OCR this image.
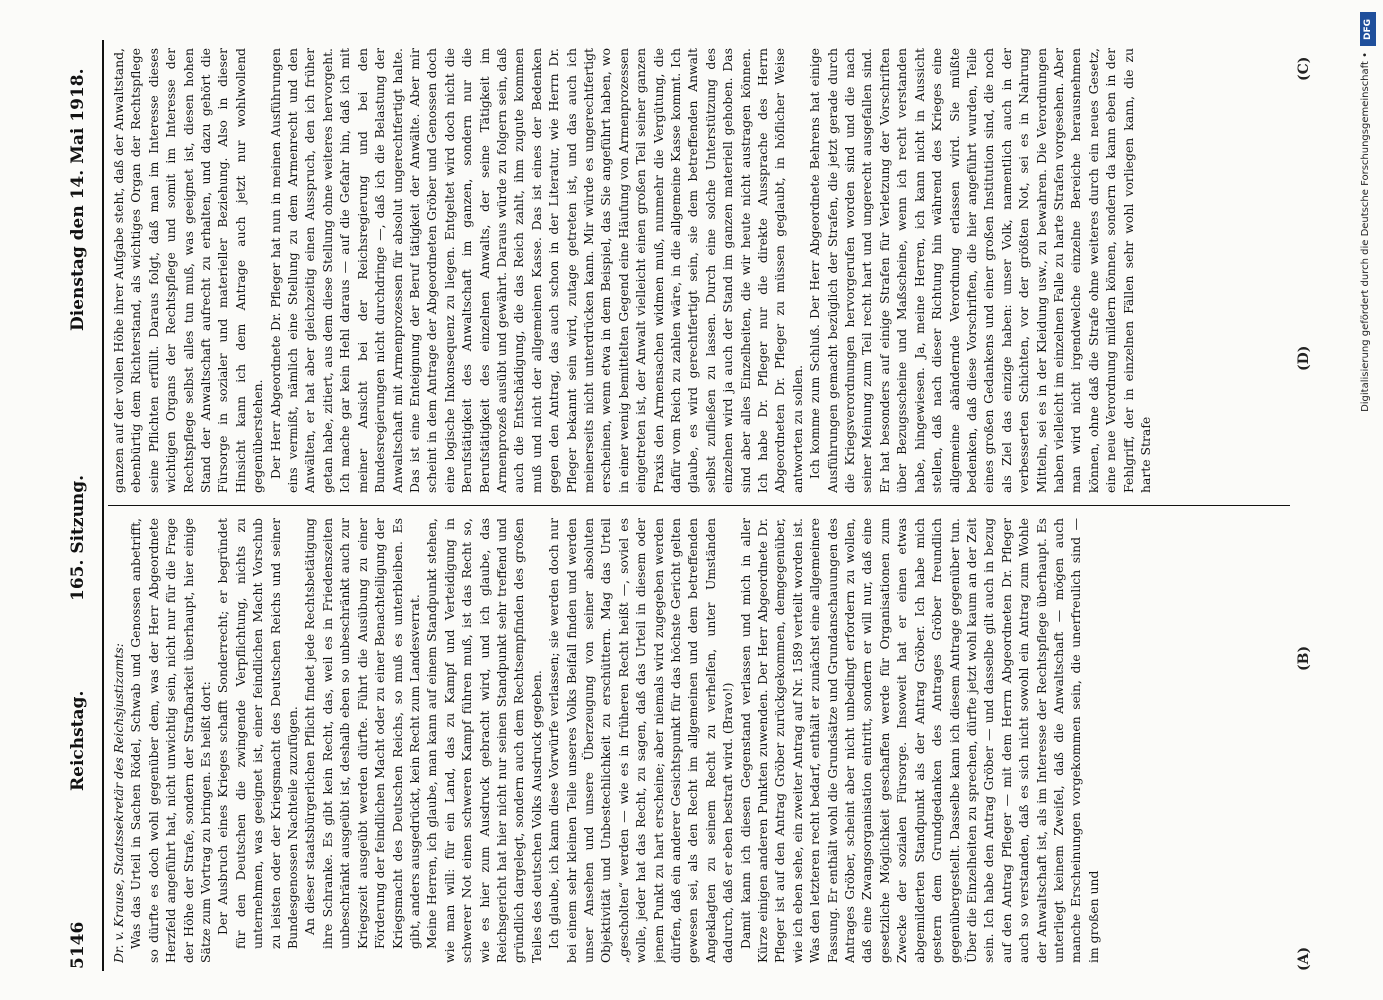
5146
Reichstag.
165. Sitzung.
Dienstag den 14. Mai 1918.

Dr. v. Krause, Staatssekretär des Reichsjustizamts: Was das Urteil in Sachen Rödel, Schwab und Genossen anbetrifft, so dürfte es doch wohl gegenüber dem, was der Herr Abgeordnete Herzfeld angeführt hat, nicht unwichtig sein, nicht nur für die Frage der Höhe der Strafe, sondern der Strafbarkeit überhaupt, hier einige Sätze zum Vortrag zu bringen. Es heißt dort: Der Ausbruch eines Krieges schafft Sonderrecht; er begründet für den Deutschen die zwingende Verpflichtung, nichts zu unternehmen, was geeignet ist, einer feindlichen Macht Vorschub zu leisten oder der Kriegsmacht des Deutschen Reichs und seiner Bundesgenossen Nachteile zuzufügen. An dieser staatsbürgerlichen Pflicht findet jede Rechtsbetätigung ihre Schranke. Es gibt kein Recht, das, weil es in Friedenszeiten unbeschränkt ausgeübt ist, deshalb eben so unbeschränkt auch zur Kriegszeit ausgeübt werden dürfte. Führt die Ausübung zu einer Förderung der feindlichen Macht oder zu einer Benachteiligung der Kriegsmacht des Deutschen Reichs, so muß es unterbleiben. Es gibt, anders ausgedrückt, kein Recht zum Landesverrat. Meine Herren, ich glaube, man kann auf einem Standpunkt stehen, wie man will: für ein Land, das zu Kampf und Verteidigung in schwerer Not einen schweren Kampf führen muß, ist das Recht so, wie es hier zum Ausdruck gebracht wird, und ich glaube, das Reichsgericht hat hier nicht nur seinen Standpunkt sehr treffend und gründlich dargelegt, sondern auch dem Rechtsempfinden des großen Teiles des deutschen Volks Ausdruck gegeben. Ich glaube, ich kann diese Vorwürfe verlassen; sie werden doch nur bei einem sehr kleinen Teile unseres Volks Beifall finden und werden unser Ansehen und unsere Überzeugung von seiner absoluten Objektivität und Unbestechlichkeit zu erschüttern. Mag das Urteil „gescholten“ werden — wie es in früheren Recht heißt —, soviel es wolle, jeder hat das Recht, zu sagen, daß das Urteil in diesem oder jenem Punkt zu hart erscheine; aber niemals wird zugegeben werden dürfen, daß ein anderer Gesichtspunkt für das höchste Gericht gelten gewesen sei, als den Recht im allgemeinen und dem betreffenden Angeklagten zu seinem Recht zu verhelfen, unter Umständen dadurch, daß er eben bestraft wird. (Bravo!) Damit kann ich diesen Gegenstand verlassen und mich in aller Kürze einigen anderen Punkten zuwenden. Der Herr Abgeordnete Dr. Pfleger ist auf den Antrag Gröber zurückgekommen, demgegenüber, wie ich eben sehe, ein zweiter Antrag auf Nr. 1589 verteilt worden ist. Was den letzteren recht bedarf, enthält er zunächst eine allgemeinere Fassung. Er enthält wohl die Grundsätze und Grundanschauungen des Antrages Gröber, scheint aber nicht unbedingt erfordern zu wollen, daß eine Zwangsorganisation eintritt, sondern er will nur, daß eine gesetzliche Möglichkeit geschaffen werde für Organisationen zum Zwecke der sozialen Fürsorge. Insoweit hat er einen etwas abgemilderten Standpunkt als der Antrag Gröber. Ich habe mich gestern dem Grundgedanken des Antrages Gröber freundlich gegenübergestellt. Dasselbe kann ich diesem Antrage gegenüber tun. Über die Einzelheiten zu sprechen, dürfte jetzt wohl kaum an der Zeit sein. Ich habe den Antrag Gröber — und dasselbe gilt auch in bezug auf den Antrag Pfleger — mit dem Herrn Abgeordneten Dr. Pfleger auch so verstanden, daß es sich nicht sowohl ein Antrag zum Wohle der Anwaltschaft ist, als im Interesse der Rechtspflege überhaupt. Es unterliegt keinem Zweifel, daß die Anwaltschaft — mögen auch manche Erscheinungen vorgekommen sein, die unerfreulich sind — im großen und

ganzen auf der vollen Höhe ihrer Aufgabe steht, daß der Anwaltstand, ebenbürtig dem Richterstand, als wichtiges Organ der Rechtspflege seine Pflichten erfüllt. Daraus folgt, daß man im Interesse dieses wichtigen Organs der Rechtspflege und somit im Interesse der Rechtspflege selbst alles tun muß, was geeignet ist, diesen hohen Stand der Anwaltschaft aufrecht zu erhalten, und dazu gehört die Fürsorge in sozialer und materieller Beziehung. Also in dieser Hinsicht kann ich dem Antrage auch jetzt nur wohlwollend gegenüberstehen. Der Herr Abgeordnete Dr. Pfleger hat nun in meinen Ausführungen eins vermißt, nämlich eine Stellung zu dem Armenrecht und den Anwälten, er hat aber gleichzeitig einen Ausspruch, den ich früher getan habe, zitiert, aus dem diese Stellung ohne weiteres hervorgeht. Ich mache gar kein Hehl daraus — auf die Gefahr hin, daß ich mit meiner Ansicht bei der Reichsregierung und bei den Bundesregierungen nicht durchdringe —, daß ich die Belastung der Anwaltschaft mit Armenprozessen für absolut ungerechtfertigt halte. Das ist eine Enteignung der Beruf tätigkeit der Anwälte. Aber mir scheint in dem Antrage der Abgeordneten Gröber und Genossen doch eine logische Inkonsequenz zu liegen. Entgeltet wird doch nicht die Berufstätigkeit des Anwaltschaft im ganzen, sondern nur die Berufstätigkeit des einzelnen Anwalts, der seine Tätigkeit im Armenprozeß ausübt und gewährt. Daraus würde zu folgern sein, daß auch die Entschädigung, die das Reich zahlt, ihm zugute kommen muß und nicht der allgemeinen Kasse. Das ist eines der Bedenken gegen den Antrag, das auch schon in der Literatur, wie Herrn Dr. Pfleger bekannt sein wird, zutage getreten ist, und das auch ich meinerseits nicht unterdrücken kann. Mir würde es ungerechtfertigt erscheinen, wenn etwa in dem Beispiel, das Sie angeführt haben, wo in einer wenig bemittelten Gegend eine Häufung von Armenprozessen eingetreten ist, der Anwalt vielleicht einen großen Teil seiner ganzen Praxis den Armensachen widmen muß, nunmehr die Vergütung, die dafür vom Reich zu zahlen wäre, in die allgemeine Kasse kommt. Ich glaube, es wird gerechtfertigt sein, sie dem betreffenden Anwalt selbst zufließen zu lassen. Durch eine solche Unterstützung des einzelnen wird ja auch der Stand im ganzen materiell gehoben. Das sind aber alles Einzelheiten, die wir heute nicht austragen können. Ich habe Dr. Pfleger nur die direkte Aussprache des Herrn Abgeordneten Dr. Pfleger zu müssen geglaubt, in höflicher Weise antworten zu sollen. Ich komme zum Schluß. Der Herr Abgeordnete Behrens hat einige Ausführungen gemacht bezüglich der Strafen, die jetzt gerade durch die Kriegsverordnungen hervorgerufen worden sind und die nach seiner Meinung zum Teil recht hart und ungerecht ausgefallen sind. Er hat besonders auf einige Strafen für Verletzung der Vorschriften über Bezugsscheine und Maßscheine, wenn ich recht verstanden habe, hingewiesen. Ja, meine Herren, ich kann nicht in Aussicht stellen, daß nach dieser Richtung hin während des Krieges eine allgemeine abändernde Verordnung erlassen wird. Sie müßte bedenken, daß diese Vorschriften, die hier angeführt wurden, Teile eines großen Gedankens und einer großen Institution sind, die noch als Ziel das einzige haben: unser Volk, namentlich auch in der verbesserten Schichten, vor der größten Not, sei es in Nahrung Mitteln, sei es in der Kleidung usw., zu bewahren. Die Verordnungen haben vielleicht im einzelnen Falle zu harte Strafen vorgesehen. Aber man wird nicht irgendwelche einzelne Bereiche herausnehmen können, ohne daß die Strafe ohne weiteres durch ein neues Gesetz, eine neue Verordnung mildern können, sondern da kann eben in der Fehlgriff, der in einzelnen Fällen sehr wohl vorliegen kann, die zu harte Strafe

(A)
(B)
(C)
(D)
DFG
Digitalisierung gefördert durch die Deutsche Forschungsgemeinschaft •
